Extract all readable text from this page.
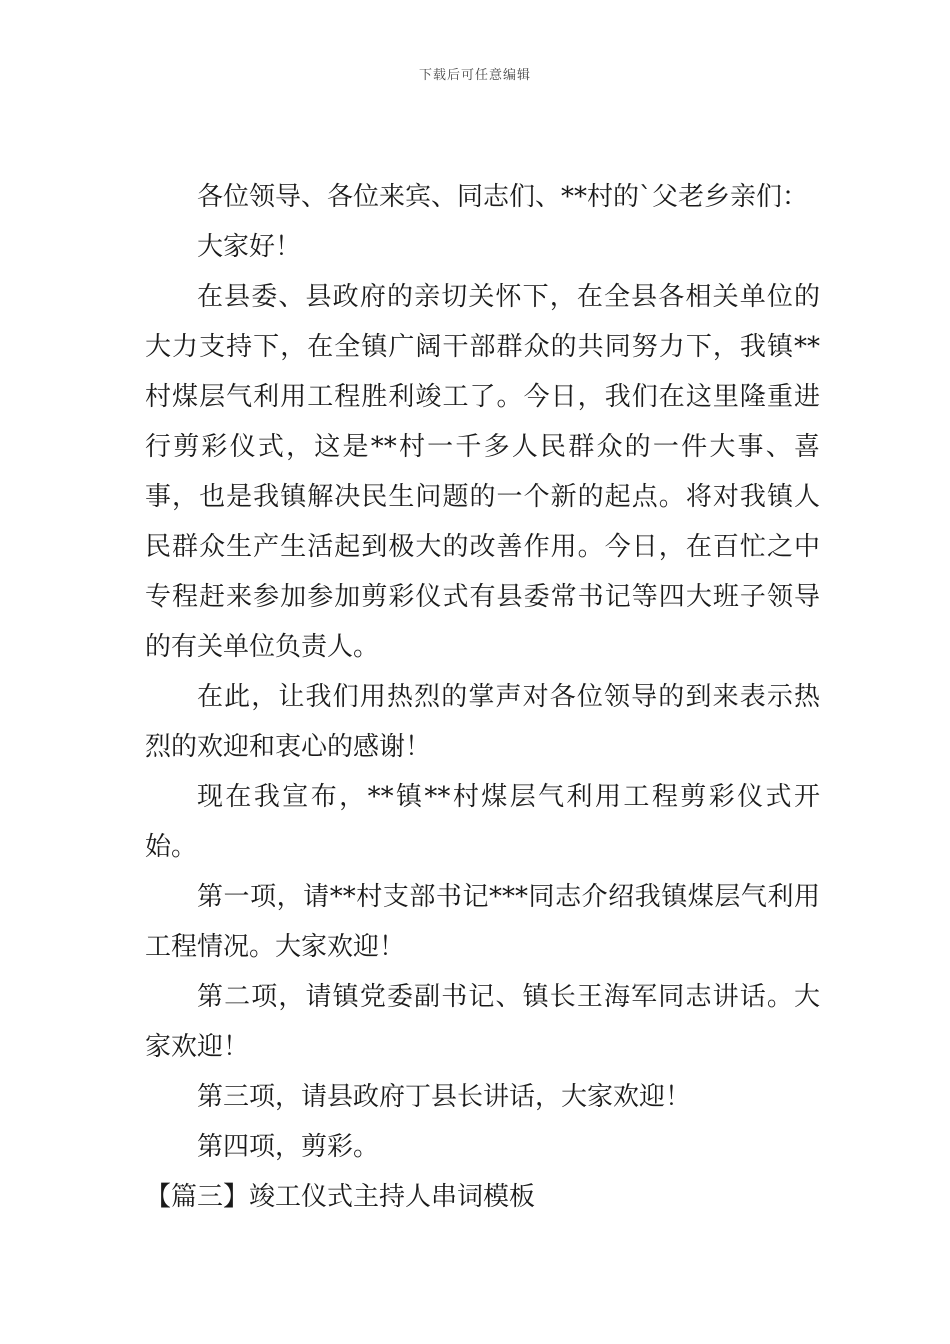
下载后可任意编辑

各位领导、各位来宾、同志们、**村的`父老乡亲们：

大家好！

在县委、县政府的亲切关怀下，在全县各相关单位的大力支持下，在全镇广阔干部群众的共同努力下，我镇**村煤层气利用工程胜利竣工了。今日，我们在这里隆重进行剪彩仪式，这是**村一千多人民群众的一件大事、喜事，也是我镇解决民生问题的一个新的起点。将对我镇人民群众生产生活起到极大的改善作用。今日，在百忙之中专程赶来参加参加剪彩仪式有县委常书记等四大班子领导的有关单位负责人。

在此，让我们用热烈的掌声对各位领导的到来表示热烈的欢迎和衷心的感谢！

现在我宣布，**镇**村煤层气利用工程剪彩仪式开始。

第一项，请**村支部书记***同志介绍我镇煤层气利用工程情况。大家欢迎！

第二项，请镇党委副书记、镇长王海军同志讲话。大家欢迎！

第三项，请县政府丁县长讲话，大家欢迎！

第四项，剪彩。

【篇三】竣工仪式主持人串词模板
